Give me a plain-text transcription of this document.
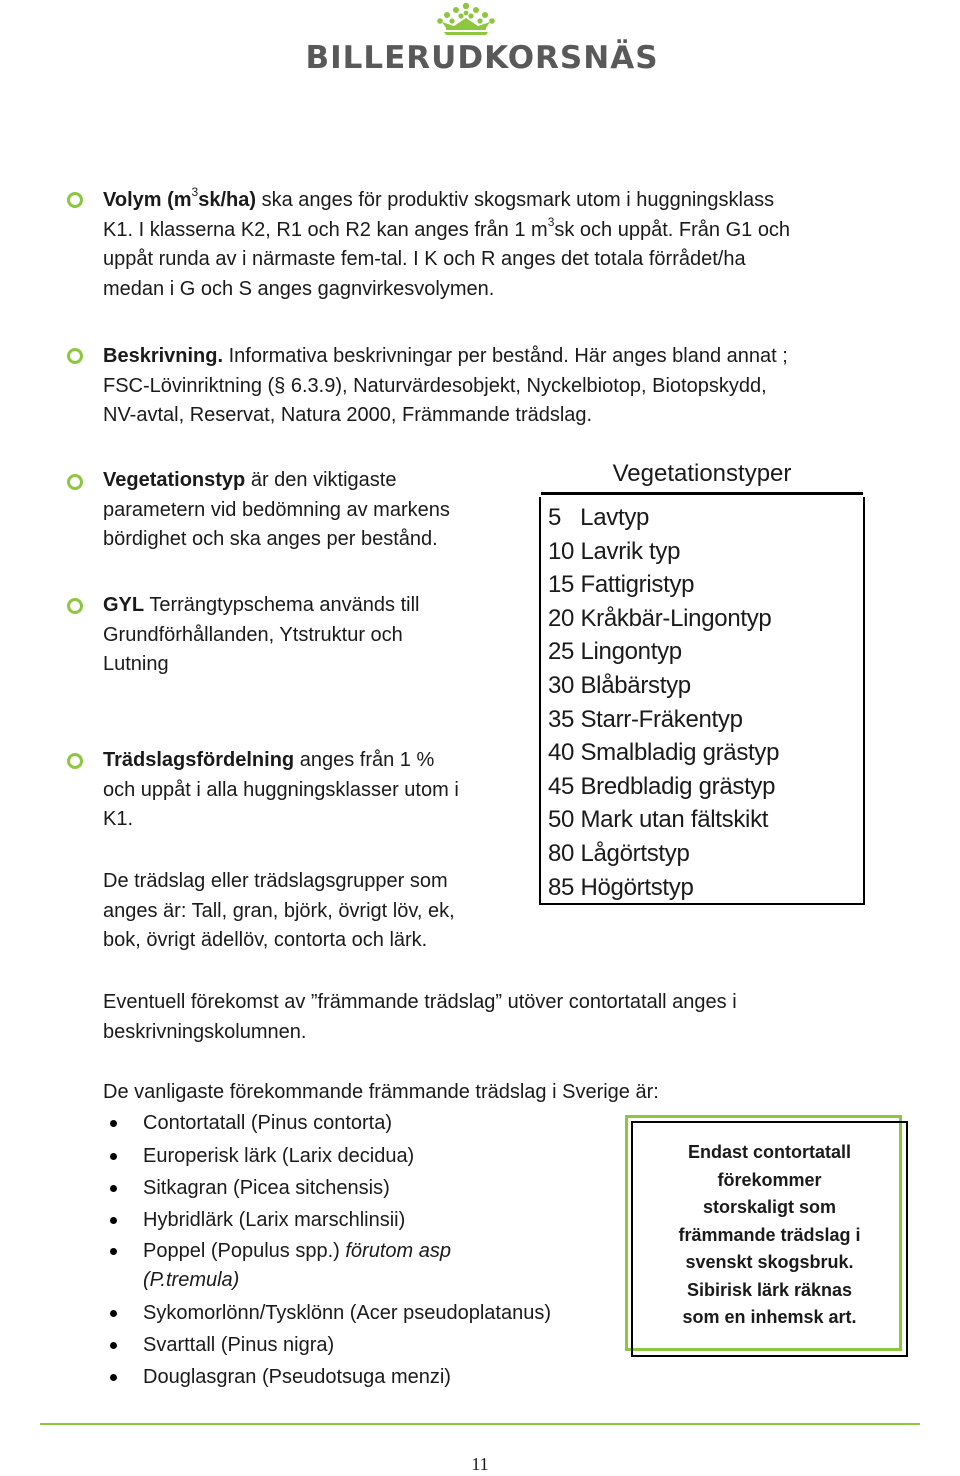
BILLERUDKORSNÄS
Volym $(m^3sk/ha)$ ska anges för produktiv skogsmark utom i huggningsklass
K1. I klasserna K2, R1 och R2 kan anges från 1 $m^3sk$ och uppåt. Från G1 och
uppåt runda av i närmaste fem-tal. I K och R anges det totala förrådet/ha
medan i G och S anges gagnvirkesvolymen.
Beskrivning. Informativa beskrivningar per bestånd. Här anges bland annat ;
FSC-Lövinriktning (§ 6.3.9), Naturvärdesobjekt, Nyckelbiotop, Biotopskydd,
NV-avtal, Reservat, Natura 2000, Främmande trädslag.
Vegetationstyp är den viktigaste
parametern vid bedömning av markens
bördighet och ska anges per bestånd.
GYL Terrängtypschema används till
Grundförhållanden, Ytstruktur och
Lutning
Trädslagsfördelning anges från 1 %
och uppåt i alla huggningsklasser utom i
K1.
De trädslag eller trädslagsgrupper som
anges är: Tall, gran, björk, övrigt löv, ek,
bok, övrigt ädellöv, contorta och lärk.
Vegetationstyper
5   Lavtyp
10 Lavrik typ
15 Fattigristyp
20 Kråkbär-Lingontyp
25 Lingontyp
30 Blåbärstyp
35 Starr-Fräkentyp
40 Smalbladig grästyp
45 Bredbladig grästyp
50 Mark utan fältskikt
80 Lågörtstyp
85 Högörtstyp
Eventuell förekomst av ”främmande trädslag” utöver contortatall anges i
beskrivningskolumnen.
De vanligaste förekommande främmande trädslag i Sverige är:
Contortatall (Pinus contorta)
Europerisk lärk (Larix decidua)
Sitkagran (Picea sitchensis)
Hybridlärk (Larix marschlinsii)
Poppel (Populus spp.) förutom asp
(P.tremula)
Sykomorlönn/Tysklönn (Acer pseudoplatanus)
Svarttall (Pinus nigra)
Douglasgran (Pseudotsuga menzi)
Endast contortatall
förekommer
storskaligt som
främmande trädslag i
svenskt skogsbruk.
Sibirisk lärk räknas
som en inhemsk art.
11
